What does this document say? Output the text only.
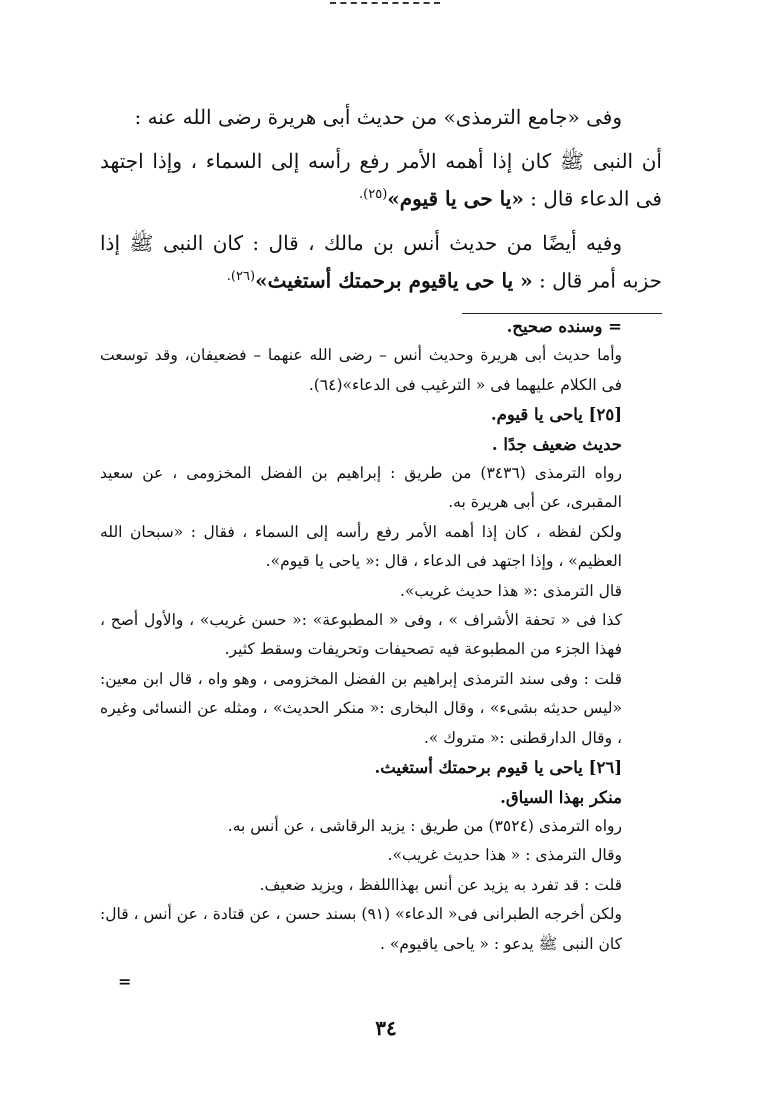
وفى «جامع الترمذى» من حديث أبى هريرة رضى الله عنه :

أن النبى ﷺ كان إذا أهمه الأمر رفع رأسه إلى السماء ، وإذا اجتهد فى الدعاء قال : «يا حى يا قيوم»$^{(٢٥).}$

وفيه أيضًا من حديث أنس بن مالك ، قال : كان النبى ﷺ إذا حزبه أمر قال : « يا حى ياقيوم برحمتك أستغيث»$^{(٢٦).}$

= وسنده صحيح.

وأما حديث أبى هريرة وحديث أنس – رضى الله عنهما – فضعيفان، وقد توسعت فى الكلام عليهما فى « الترغيب فى الدعاء»(٦٤).

[٢٥] ياحى يا قيوم.

حديث ضعيف جدًا .

رواه الترمذى (٣٤٣٦) من طريق : إبراهيم بن الفضل المخزومى ، عن سعيد المقبرى، عن أبى هريرة به.

ولكن لفظه ، كان إذا أهمه الأمر رفع رأسه إلى السماء ، فقال : «سبحان الله العظيم» ، وإذا اجتهد فى الدعاء ، قال :« ياحى يا قيوم».

قال الترمذى :« هذا حديث غريب».

كذا فى « تحفة الأشراف » ، وفى « المطبوعة» :« حسن غريب» ، والأول أصح ، فهذا الجزء من المطبوعة فيه تصحيفات وتحريفات وسقط كثير.

قلت : وفى سند الترمذى إبراهيم بن الفضل المخزومى ، وهو واه ، قال ابن معين: «ليس حديثه بشىء» ، وقال البخارى :« منكر الحديث» ، ومثله عن النسائى وغيره ، وقال الدارقطنى :« متروك ».

[٢٦] ياحى يا قيوم برحمتك أستغيث.

منكر بهذا السياق.

رواه الترمذى (٣٥٢٤) من طريق : يزيد الرقاشى ، عن أنس به.

وقال الترمذى : « هذا حديث غريب».

قلت : قد تفرد به يزيد عن أنس بهذااللفظ ، ويزيد ضعيف.

ولكن أخرجه الطبرانى فى« الدعاء» (٩١) بسند حسن ، عن قتادة ، عن أنس ، قال: كان النبى ﷺ يدعو : « ياحى ياقيوم» .

=
٣٤
